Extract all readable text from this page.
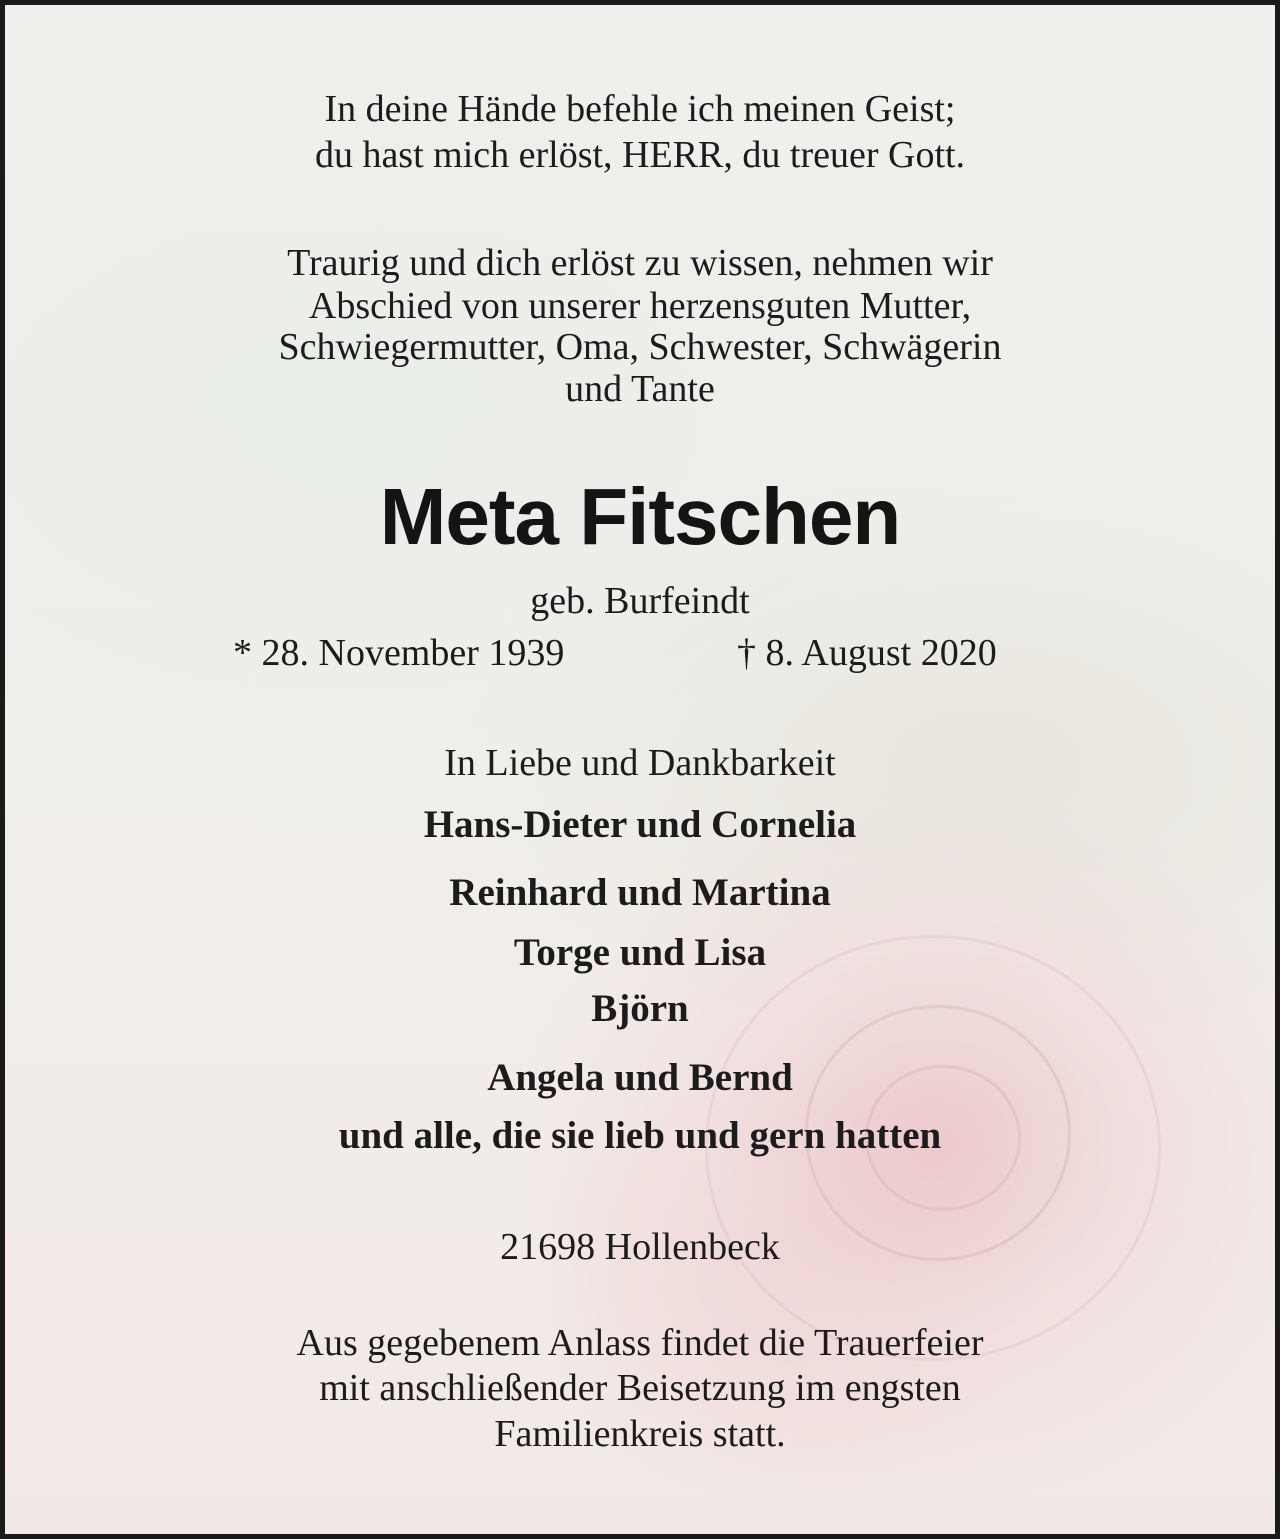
In deine Hände befehle ich meinen Geist;
du hast mich erlöst, HERR, du treuer Gott.
Traurig und dich erlöst zu wissen, nehmen wir
Abschied von unserer herzensguten Mutter,
Schwiegermutter, Oma, Schwester, Schwägerin
und Tante
Meta Fitschen
geb. Burfeindt
* 28. November 1939	† 8. August 2020
In Liebe und Dankbarkeit
Hans-Dieter und Cornelia
Reinhard und Martina
Torge und Lisa
Björn
Angela und Bernd
und alle, die sie lieb und gern hatten
21698 Hollenbeck
Aus gegebenem Anlass findet die Trauerfeier
mit anschließender Beisetzung im engsten
Familienkreis statt.
